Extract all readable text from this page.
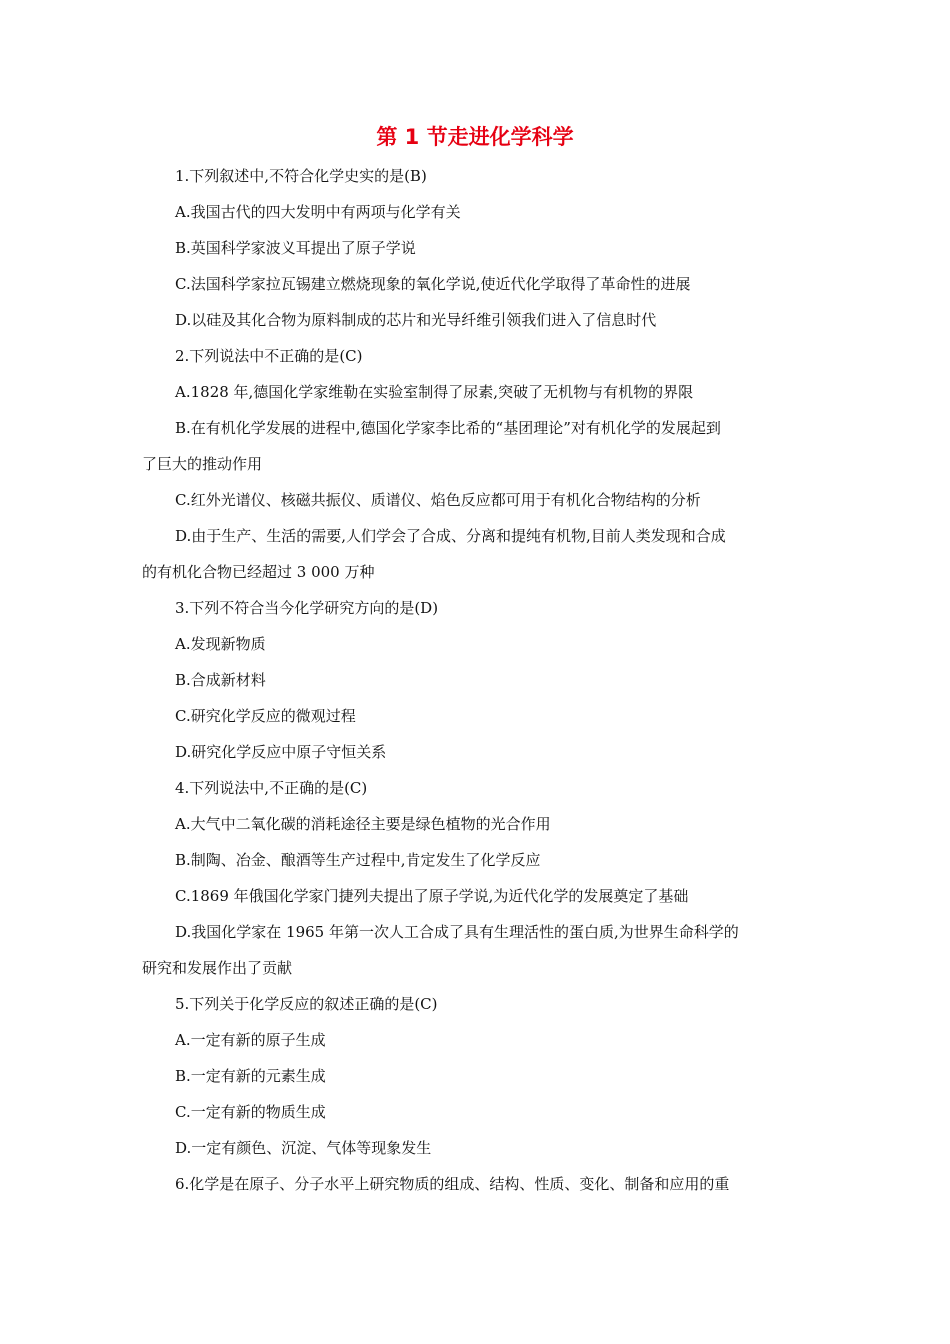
第 1 节走进化学科学
1.下列叙述中,不符合化学史实的是(B)
A.我国古代的四大发明中有两项与化学有关
B.英国科学家波义耳提出了原子学说
C.法国科学家拉瓦锡建立燃烧现象的氧化学说,使近代化学取得了革命性的进展
D.以硅及其化合物为原料制成的芯片和光导纤维引领我们进入了信息时代
2.下列说法中不正确的是(C)
A.1828 年,德国化学家维勒在实验室制得了尿素,突破了无机物与有机物的界限
B.在有机化学发展的进程中,德国化学家李比希的“基团理论”对有机化学的发展起到
了巨大的推动作用
C.红外光谱仪、核磁共振仪、质谱仪、焰色反应都可用于有机化合物结构的分析
D.由于生产、生活的需要,人们学会了合成、分离和提纯有机物,目前人类发现和合成
的有机化合物已经超过 3 000 万种
3.下列不符合当今化学研究方向的是(D)
A.发现新物质
B.合成新材料
C.研究化学反应的微观过程
D.研究化学反应中原子守恒关系
4.下列说法中,不正确的是(C)
A.大气中二氧化碳的消耗途径主要是绿色植物的光合作用
B.制陶、冶金、酿酒等生产过程中,肯定发生了化学反应
C.1869 年俄国化学家门捷列夫提出了原子学说,为近代化学的发展奠定了基础
D.我国化学家在 1965 年第一次人工合成了具有生理活性的蛋白质,为世界生命科学的
研究和发展作出了贡献
5.下列关于化学反应的叙述正确的是(C)
A.一定有新的原子生成
B.一定有新的元素生成
C.一定有新的物质生成
D.一定有颜色、沉淀、气体等现象发生
6.化学是在原子、分子水平上研究物质的组成、结构、性质、变化、制备和应用的重
